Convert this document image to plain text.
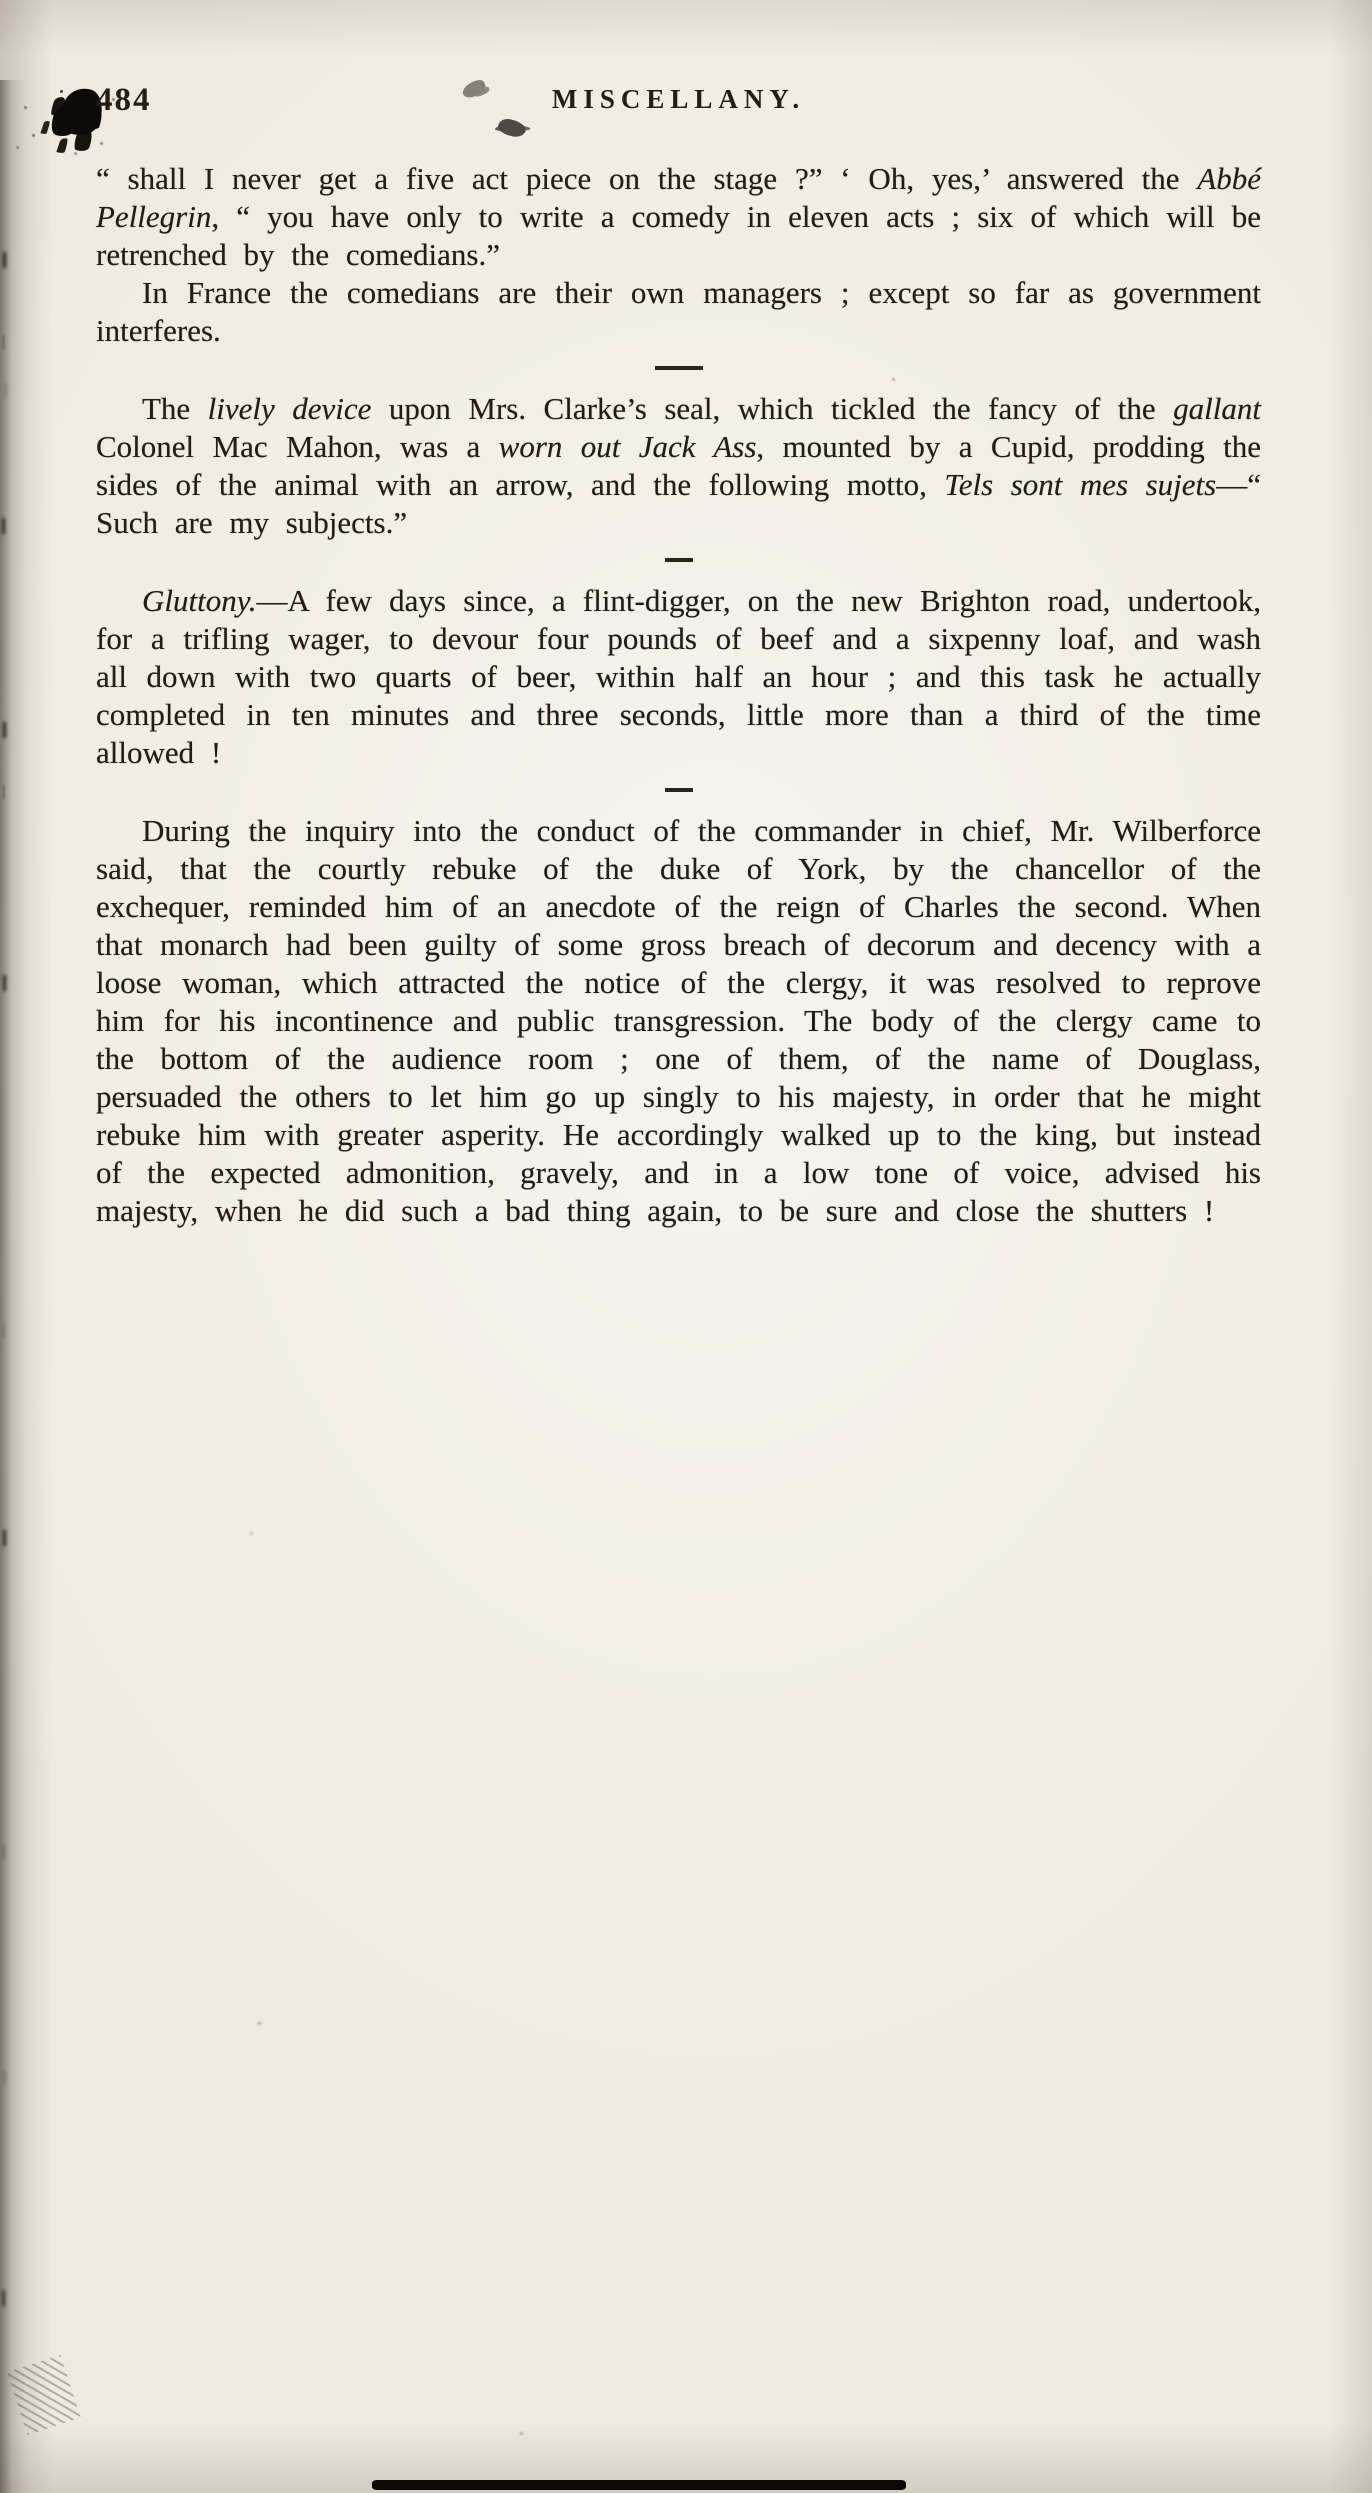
484	MISCELLANY.

“ shall I never get a five act piece on the stage ?” ‘ Oh, yes,’ answered the Abbé Pellegrin, “ you have only to write a comedy in eleven acts ; six of which will be retrenched by the comedians.”

In France the comedians are their own managers ; except so far as government interferes.

The lively device upon Mrs. Clarke’s seal, which tickled the fancy of the gallant Colonel Mac Mahon, was a worn out Jack Ass, mounted by a Cupid, prodding the sides of the animal with an arrow, and the following motto, Tels sont mes sujets—“ Such are my subjects.”

Gluttony.—A few days since, a flint-digger, on the new Brighton road, undertook, for a trifling wager, to devour four pounds of beef and a sixpenny loaf, and wash all down with two quarts of beer, within half an hour ; and this task he actually completed in ten minutes and three seconds, little more than a third of the time allowed !

During the inquiry into the conduct of the commander in chief, Mr. Wilberforce said, that the courtly rebuke of the duke of York, by the chancellor of the exchequer, reminded him of an anecdote of the reign of Charles the second. When that monarch had been guilty of some gross breach of decorum and decency with a loose woman, which attracted the notice of the clergy, it was resolved to reprove him for his incontinence and public transgression. The body of the clergy came to the bottom of the audience room ; one of them, of the name of Douglass, persuaded the others to let him go up singly to his majesty, in order that he might rebuke him with greater asperity. He accordingly walked up to the king, but instead of the expected admonition, gravely, and in a low tone of voice, advised his majesty, when he did such a bad thing again, to be sure and close the shutters !
